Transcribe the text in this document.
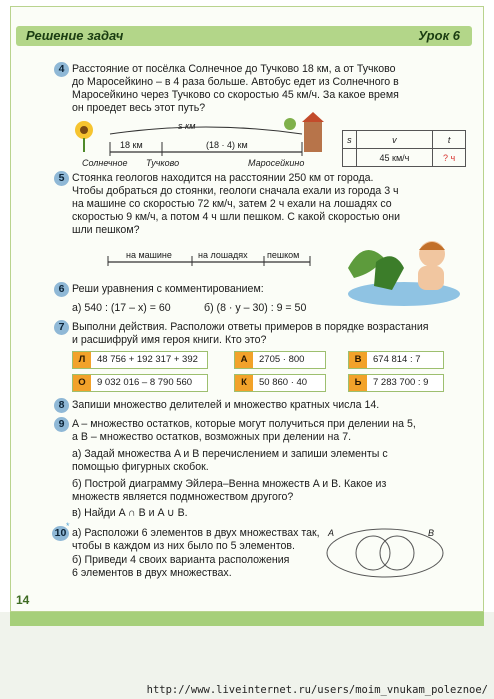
Решение задач	Урок 6
4 Расстояние от посёлка Солнечное до Тучково 18 км, а от Тучково
до Маросейкино – в 4 раза больше. Автобус едет из Солнечного в
Маросейкино через Тучково со скоростью 45 км/ч. За какое время
он проедет весь этот путь?
s км
18 км	(18 · 4) км
Солнечное Тучково	Маросейкино
s	v	t
	45 км/ч	? ч
5 Стоянка геологов находится на расстоянии 250 км от города.
Чтобы добраться до стоянки, геологи сначала ехали из города 3 ч
на машине со скоростью 72 км/ч, затем 2 ч ехали на лошадях со
скоростью 9 км/ч, а потом 4 ч шли пешком. С какой скоростью они
шли пешком?
на машине	на лошадях пешком
6 Реши уравнения с комментированием:
а) 540 : (17 – x) = 60	б) (8 · y – 30) : 9 = 50
7 Выполни действия. Расположи ответы примеров в порядке возрастания
и расшифруй имя героя книги. Кто это?
Л 48 756 + 192 317 + 392	А 2705 · 800	В 674 814 : 7
О 9 032 016 – 8 790 560	К 50 860 · 40	Ь 7 283 700 : 9
8 Запиши множество делителей и множество кратных числа 14.
9 A – множество остатков, которые могут получиться при делении на 5,
а B – множество остатков, возможных при делении на 7.
а) Задай множества A и B перечислением и запиши элементы с
помощью фигурных скобок.
б) Построй диаграмму Эйлера–Венна множеств A и B. Какое из
множеств является подмножеством другого?
в) Найди A ∩ B и A ∪ B.
10
*
а) Расположи 6 элементов в двух множествах так,
чтобы в каждом из них было по 5 элементов.
б) Приведи 4 своих варианта расположения
6 элементов в двух множествах.
A	B
14
http://www.liveinternet.ru/users/moim_vnukam_poleznoe/
